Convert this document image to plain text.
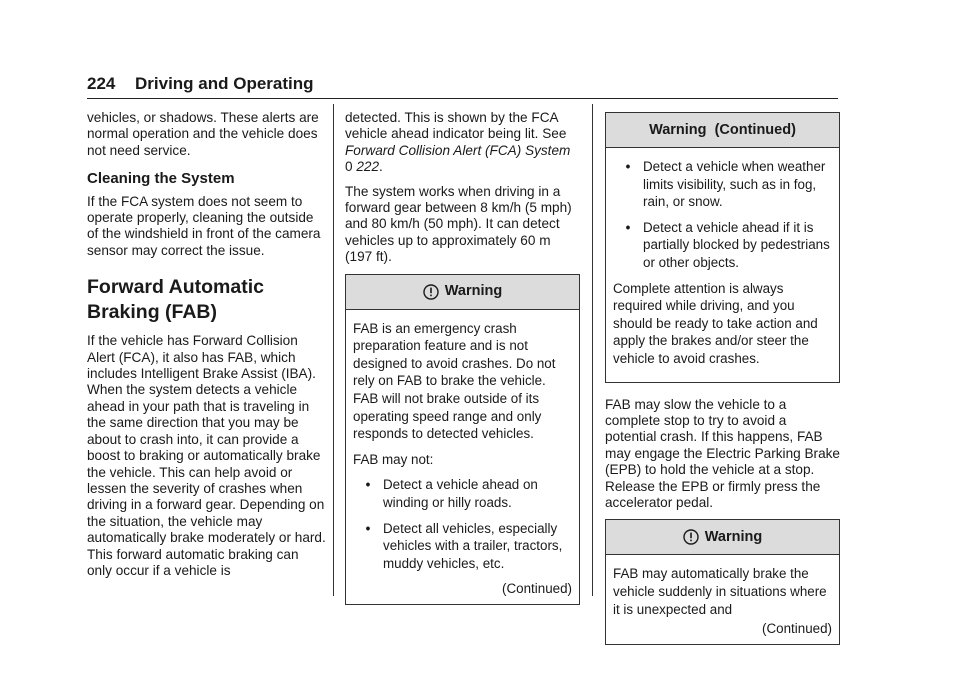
224 Driving and Operating

vehicles, or shadows. These alerts are normal operation and the vehicle does not need service.

Cleaning the System

If the FCA system does not seem to operate properly, cleaning the outside of the windshield in front of the camera sensor may correct the issue.

Forward Automatic Braking (FAB)

If the vehicle has Forward Collision Alert (FCA), it also has FAB, which includes Intelligent Brake Assist (IBA). When the system detects a vehicle ahead in your path that is traveling in the same direction that you may be about to crash into, it can provide a boost to braking or automatically brake the vehicle. This can help avoid or lessen the severity of crashes when driving in a forward gear. Depending on the situation, the vehicle may automatically brake moderately or hard. This forward automatic braking can only occur if a vehicle is

detected. This is shown by the FCA vehicle ahead indicator being lit. See Forward Collision Alert (FCA) System 0 222.

The system works when driving in a forward gear between 8 km/h (5 mph) and 80 km/h (50 mph). It can detect vehicles up to approximately 60 m (197 ft).

Warning

FAB is an emergency crash preparation feature and is not designed to avoid crashes. Do not rely on FAB to brake the vehicle. FAB will not brake outside of its operating speed range and only responds to detected vehicles.

FAB may not:

• Detect a vehicle ahead on winding or hilly roads.
• Detect all vehicles, especially vehicles with a trailer, tractors, muddy vehicles, etc.
(Continued)
Warning  (Continued)
• Detect a vehicle when weather limits visibility, such as in fog, rain, or snow.
• Detect a vehicle ahead if it is partially blocked by pedestrians or other objects.

Complete attention is always required while driving, and you should be ready to take action and apply the brakes and/or steer the vehicle to avoid crashes.

FAB may slow the vehicle to a complete stop to try to avoid a potential crash. If this happens, FAB may engage the Electric Parking Brake (EPB) to hold the vehicle at a stop. Release the EPB or firmly press the accelerator pedal.

Warning

FAB may automatically brake the vehicle suddenly in situations where it is unexpected and

(Continued)
